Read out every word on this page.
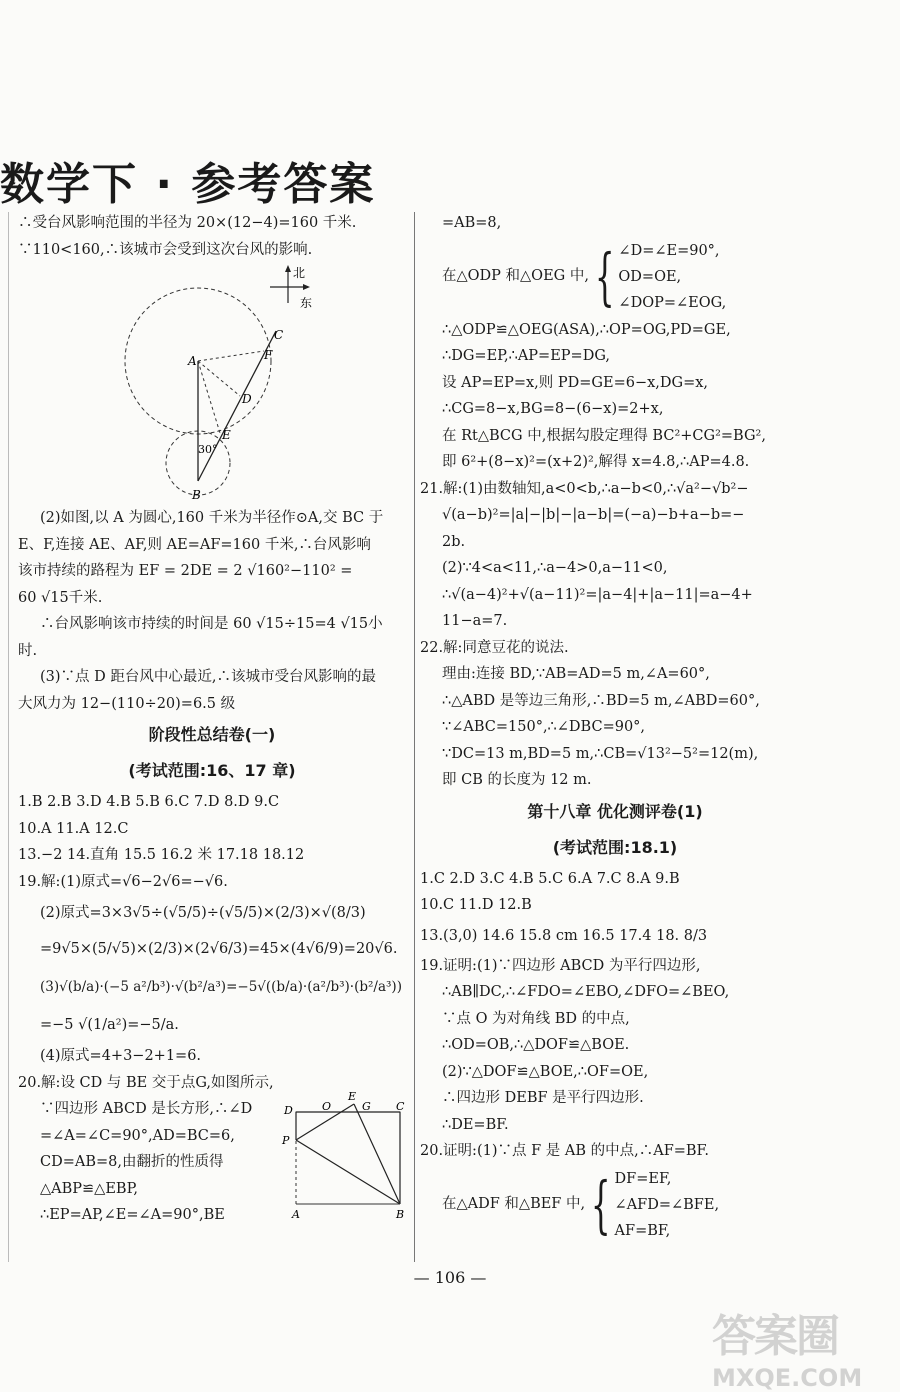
数学下 · 参考答案
∴受台风影响范围的半径为 20×(12−4)=160 千米.
∵110<160,∴该城市会受到这次台风的影响.
北
东
A
B
C
D
E
F
30°
(2)如图,以 A 为圆心,160 千米为半径作⊙A,交 BC 于
E、F,连接 AE、AF,则 AE=AF=160 千米,∴台风影响
该市持续的路程为 EF = 2DE = 2 √160²−110² =
60 √15千米.
∴台风影响该市持续的时间是 60 √15÷15=4 √15小
时.
(3)∵点 D 距台风中心最近,∴该城市受台风影响的最
大风力为 12−(110÷20)=6.5 级
阶段性总结卷(一)
(考试范围:16、17 章)
1.B 2.B 3.D 4.B 5.B 6.C 7.D 8.D 9.C
10.A 11.A 12.C
13.−2 14.直角 15.5 16.2 米 17.18 18.12
19.解:(1)原式=√6−2√6=−√6.
(2)原式=3×3√5÷(√5/5)÷(√5/5)×(2/3)×√(8/3)
=9√5×(5/√5)×(2/3)×(2√6/3)=45×(4√6/9)=20√6.
(3)√(b/a)·(−5 a²/b³)·√(b²/a³)=−5√((b/a)·(a²/b³)·(b²/a³))
=−5 √(1/a²)=−5/a.
(4)原式=4+3−2+1=6.
20.解:设 CD 与 BE 交于点G,如图所示,
∵四边形 ABCD 是长方形,∴∠D
=∠A=∠C=90°,AD=BC=6,
CD=AB=8,由翻折的性质得
△ABP≌△EBP,
∴EP=AP,∠E=∠A=90°,BE
D	O
E
G C
P
A	B
=AB=8,
在△ODP 和△OEG 中, { ∠D=∠E=90°,
OD=OE,
∠DOP=∠EOG,
∴△ODP≌△OEG(ASA),∴OP=OG,PD=GE,
∴DG=EP,∴AP=EP=DG,
设 AP=EP=x,则 PD=GE=6−x,DG=x,
∴CG=8−x,BG=8−(6−x)=2+x,
在 Rt△BCG 中,根据勾股定理得 BC²+CG²=BG²,
即 6²+(8−x)²=(x+2)²,解得 x=4.8,∴AP=4.8.
21.解:(1)由数轴知,a<0<b,∴a−b<0,∴√a²−√b²−
√(a−b)²=|a|−|b|−|a−b|=(−a)−b+a−b=−
2b.
(2)∵4<a<11,∴a−4>0,a−11<0,
∴√(a−4)²+√(a−11)²=|a−4|+|a−11|=a−4+
11−a=7.
22.解:同意豆花的说法.
理由:连接 BD,∵AB=AD=5 m,∠A=60°,
∴△ABD 是等边三角形,∴BD=5 m,∠ABD=60°,
∵∠ABC=150°,∴∠DBC=90°,
∵DC=13 m,BD=5 m,∴CB=√13²−5²=12(m),
即 CB 的长度为 12 m.
第十八章 优化测评卷(1)
(考试范围:18.1)
1.C 2.D 3.C 4.B 5.C 6.A 7.C 8.A 9.B
10.C 11.D 12.B
13.(3,0) 14.6 15.8 cm 16.5 17.4 18. 8/3
19.证明:(1)∵四边形 ABCD 为平行四边形,
∴AB∥DC,∴∠FDO=∠EBO,∠DFO=∠BEO,
∵点 O 为对角线 BD 的中点,
∴OD=OB,∴△DOF≌△BOE.
(2)∵△DOF≌△BOE,∴OF=OE,
∴四边形 DEBF 是平行四边形.
∴DE=BF.
20.证明:(1)∵点 F 是 AB 的中点,∴AF=BF.
在△ADF 和△BEF 中, { DF=EF,
∠AFD=∠BFE,
AF=BF,
— 106 —
答案圈
MXQE.COM
